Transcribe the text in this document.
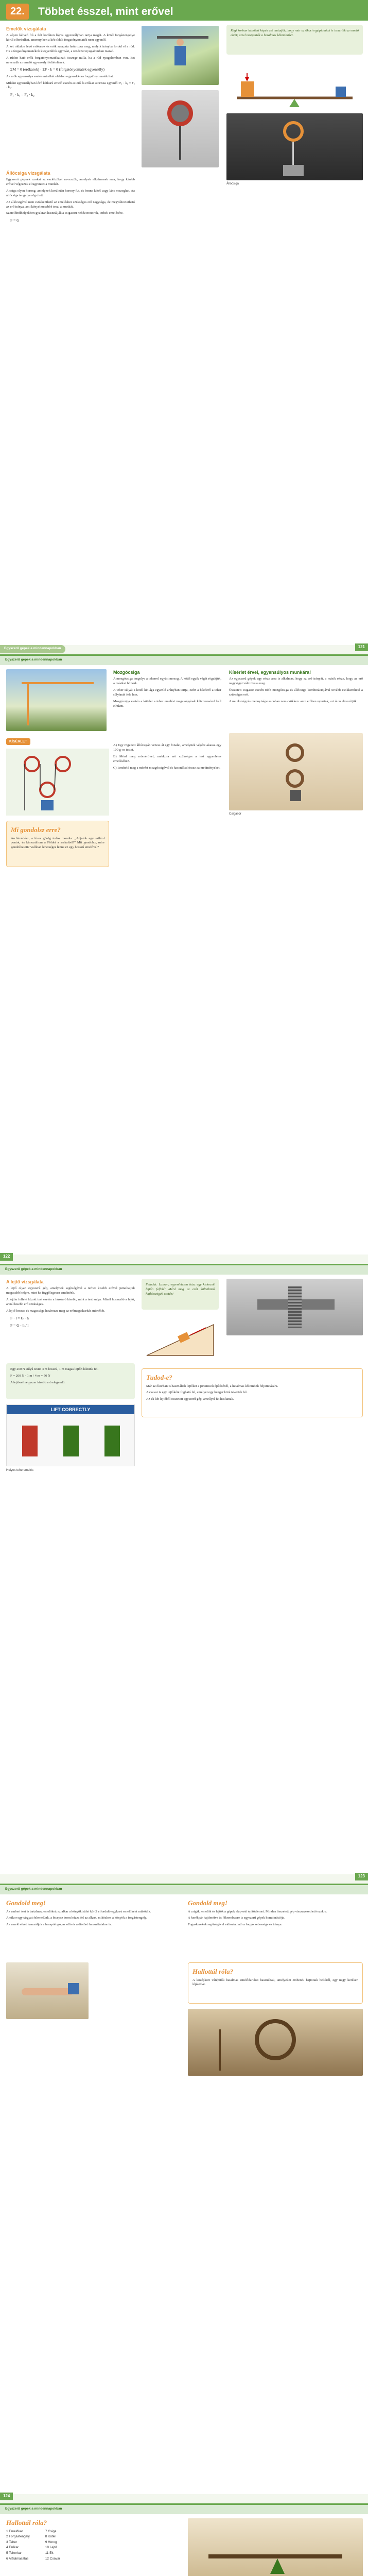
22.	Többet ésszel, mint erővel
Emelők vizsgálata

A képen látható fiú a fali korláton lógva egyensúlyban tartja magát. A kötél forgástengelye körül elfordulhat, amennyiben a két oldali forgatónyomaték nem egyenlő.

A két oldalon lévő erőkarok és erők szorzata határozza meg, melyik irányba fordul el a rúd. Ha a forgatónyomatékok kiegyenlítik egymást, a rendszer nyugalomban marad.

A rúdon ható erők forgatónyomatékainak összege nulla, ha a rúd nyugalomban van. Ezt nevezzük az emelő egyensúlyi feltételének.

ΣM = 0 (erőkarok) · ΣF · k = 0 (forgatónyomaték egyensúly)

Az erők egyensúlya esetén mindkét oldalon ugyanakkora forgatónyomaték hat.

Miként egyensúlyban lévő kétkarú emelő esetén az erő és erőkar szorzata egyenlő: F₁ · k₁ = F₂ · k₂.

F₁ · k₁ = F₂ · k₂

Régi korban készített képek azt mutatják, hogy már az ókori egyiptomiak is ismerték az emelő elvét; ezzel mozgatták a hatalmas kőtömböket.

Állócsiga vizsgálata

Egyszerű gépnek azokat az eszközöket nevezzük, amelyek alkalmasak arra, hogy kisebb erővel végezzük el ugyanazt a munkát.

A csiga olyan korong, amelynek kerületén horony fut, és benne kötél vagy lánc mozoghat. Az állócsiga tengelye rögzített.

Az állócsigával nem csökkenthető az emeléshez szükséges erő nagysága, de megváltoztatható az erő iránya, ami kényelmesebbé teszi a munkát.

Szerelőműhelyekben gyakran használják a csigasort nehéz motorok, terhek emelésére.

F = G
Állócsiga
Egyszerű gépek a mindennapokban	121
Egyszerű gépek a mindennapokban
Mozgócsiga

A mozgócsiga tengelye a teherrel együtt mozog. A kötél egyik végét rögzítjük, a másikat húzzuk.

A teher súlyát a kötél két ága egyenlő arányban tartja, ezért a húzóerő a teher súlyának fele lesz.

Mozgócsiga esetén a kötelet a teher emelési magasságának kétszeresével kell elhúzni.

KÍSÉRLET

A) Egy rögzített állócsigán vezess át egy fonalat, amelynek végére akassz egy 100 g-os testet.

B) Mérd meg erőmérővel, mekkora erő szükséges a test egyenletes emeléséhez.

C) Ismételd meg a mérést mozgócsigával és hasonlítsd össze az eredményeket.

Kísérlet érvei, egyensúlyos munkára!

Az egyszerű gépek egy része arra is alkalmas, hogy az erő irányát, a másik része, hogy az erő nagyságát változtassa meg.

Összetett csigasor esetén több mozgócsiga és állócsiga kombinációjával tovább csökkenthető a szükséges erő.

A munkavégzés mennyisége azonban nem csökken: amit erőben nyerünk, azt úton elveszítjük.

Mi gondolsz erre?

Archimédész, a híres görög tudós mondta: „Adjatok egy szilárd pontot, és kimozdítom a Földet a sarkaiból!” Mit gondolsz, mire gondolhatott? Valóban lehetséges lenne ez egy hosszú emelővel?

Csigasor
122
Egyszerű gépek a mindennapokban
A lejtő vizsgálata

A lejtő olyan egyszerű gép, amelynek segítségével a terhet kisebb erővel juttathatjuk magasabb helyre, mint ha függőlegesen emelnénk.

A lejtőn felfelé húzott test esetén a húzóerő kisebb, mint a test súlya. Minél hosszabb a lejtő, annál kisebb erő szükséges.

A lejtő hossza és magassága határozza meg az erőmegtakarítás mértékét.

F · l = G · h
F = G · h / l

Feladat: Lassan, egyenletesen húzz egy kiskocsit lejtőn felfelé! Mérd meg az erőt különböző hajlásszögek esetén!

Egy 200 N súlyú testet 4 m hosszú, 1 m magas lejtőn húzunk fel.

F = 200 N · 1 m / 4 m = 50 N

A lejtővel négyszer kisebb erő elegendő.

Tudod-e?

Már az ókorban is használtak lejtőket a piramisok építésénél, a hatalmas kőtömbök feljuttatására.

A csavar is egy lejtőként fogható fel, amelyet egy henger köré tekertek fel.

Az ék két lejtőből összetett egyszerű gép, amellyel fát hasítanak.

LIFT CORRECTLY
Helyes teheremelés
123
Egyszerű gépek a mindennapokban
Gondold meg!

Az emberi test is tartalmaz emelőket: az alkar a könyökizület körül elforduló egykarú emelőként működik.

Amikor egy tárgyat felemelünk, a bicepsz izom húzza fel az alkart, miközben a könyök a forgástengely.

Az emelő elvét használjuk a harapófogó, az olló és a diótörő használatakor is.

Gondold meg!

A csigák, emelők és lejtők a gépek alapvető építőelemei. Minden összetett gép visszavezethető ezekre.

A kerékpár hajtóműve és fékrendszere is egyszerű gépek kombinációja.

Fogaskerekek segítségével változtatható a forgás sebessége és iránya.

Hallottál róla?

A középkori várépítők hatalmas emelődarukat használtak, amelyeket emberek hajtottak belülről, egy nagy keréken lépkedve.

124
Egyszerű gépek a mindennapokban
Hallottál róla?
1 Emelőkar
2 Forgástengely
3 Teher
4 Erőkar
5 Teherkar
6 Alátámasztás
7 Csiga
8 Kötél
9 Horog
10 Lejtő
11 Ék
12 Csavar
